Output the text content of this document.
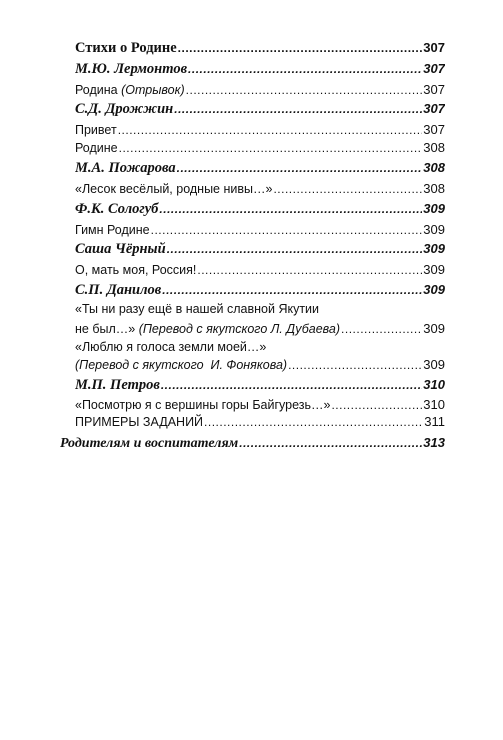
Стихи о Родине .....	307
М.Ю. Лермонтов .....	307
Родина (Отрывок) .....	307
С.Д. Дрожжин .....	307
Привет .....	307
Родине .....	308
М.А. Пожарова .....	308
«Лесок весёлый, родные нивы…» .....	308
Ф.К. Сологуб .....	309
Гимн Родине .....	309
Саша Чёрный .....	309
О, мать моя, Россия! .....	309
С.П. Данилов .....	309
«Ты ни разу ещё в нашей славной Якутии
не был…» (Перевод с якутского Л. Дубаева) .....	309
«Люблю я голоса земли моей…»
(Перевод с якутского  И. Фонякова) .....	309
М.П. Петров .....	310
«Посмотрю я с вершины горы Байгурезь…» .....	310
ПРИМЕРЫ ЗАДАНИЙ .....	311
Родителям и воспитателям .....	313
